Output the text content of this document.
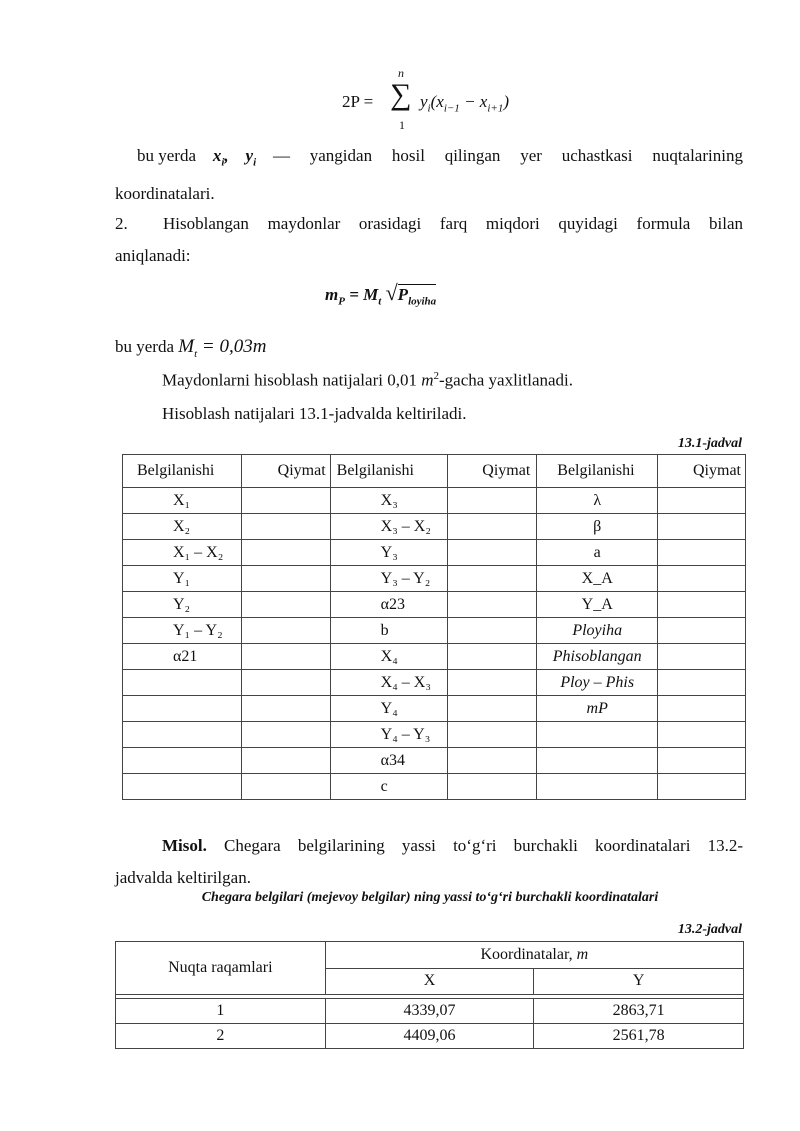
2P =
n
∑
1
$y_i(x_{i-1} - x_{i+1})$
bu yerda $x_i$, $y_i$ — yangidan hosil qilingan yer uchastkasi nuqtalarining
koordinatalari.
2.	Hisoblangan maydonlar orasidagi farq miqdori quyidagi formula bilan
aniqlanadi:
$m_P = M_t$ $√P_{loyiha}$
bu yerda $M_t = 0,03m$
Maydonlarni hisoblash natijalari 0,01 $m^2$-gacha yaxlitlanadi.
Hisoblash natijalari 13.1-jadvalda keltiriladi.
13.1-jadval
Belgilanishi	Qiymat	Belgilanishi	Qiymat	Belgilanishi	Qiymat
X₁		X₃		λ	
X₂		X₃ – X₂		β	
X₁ – X₂		Y₃		a	
Y₁		Y₃ – Y₂		X_A	
Y₂		α23		Y_A	
Y₁ – Y₂		b		Ployiha	
α21		X₄		Phisoblangan	
		X₄ – X₃		Ploy – Phis	
		Y₄		mP	
		Y₄ – Y₃			
		α34			
		c			
Misol. Chegara belgilarining yassi to‘g‘ri burchakli koordinatalari 13.2-
jadvalda keltirilgan.
Chegara belgilari (mejevoy belgilar) ning yassi to‘g‘ri burchakli koordinatalari
13.2-jadval
Nuqta raqamlari	Koordinatalar, m	
	X	Y

1	4339,07	2863,71
2	4409,06	2561,78
